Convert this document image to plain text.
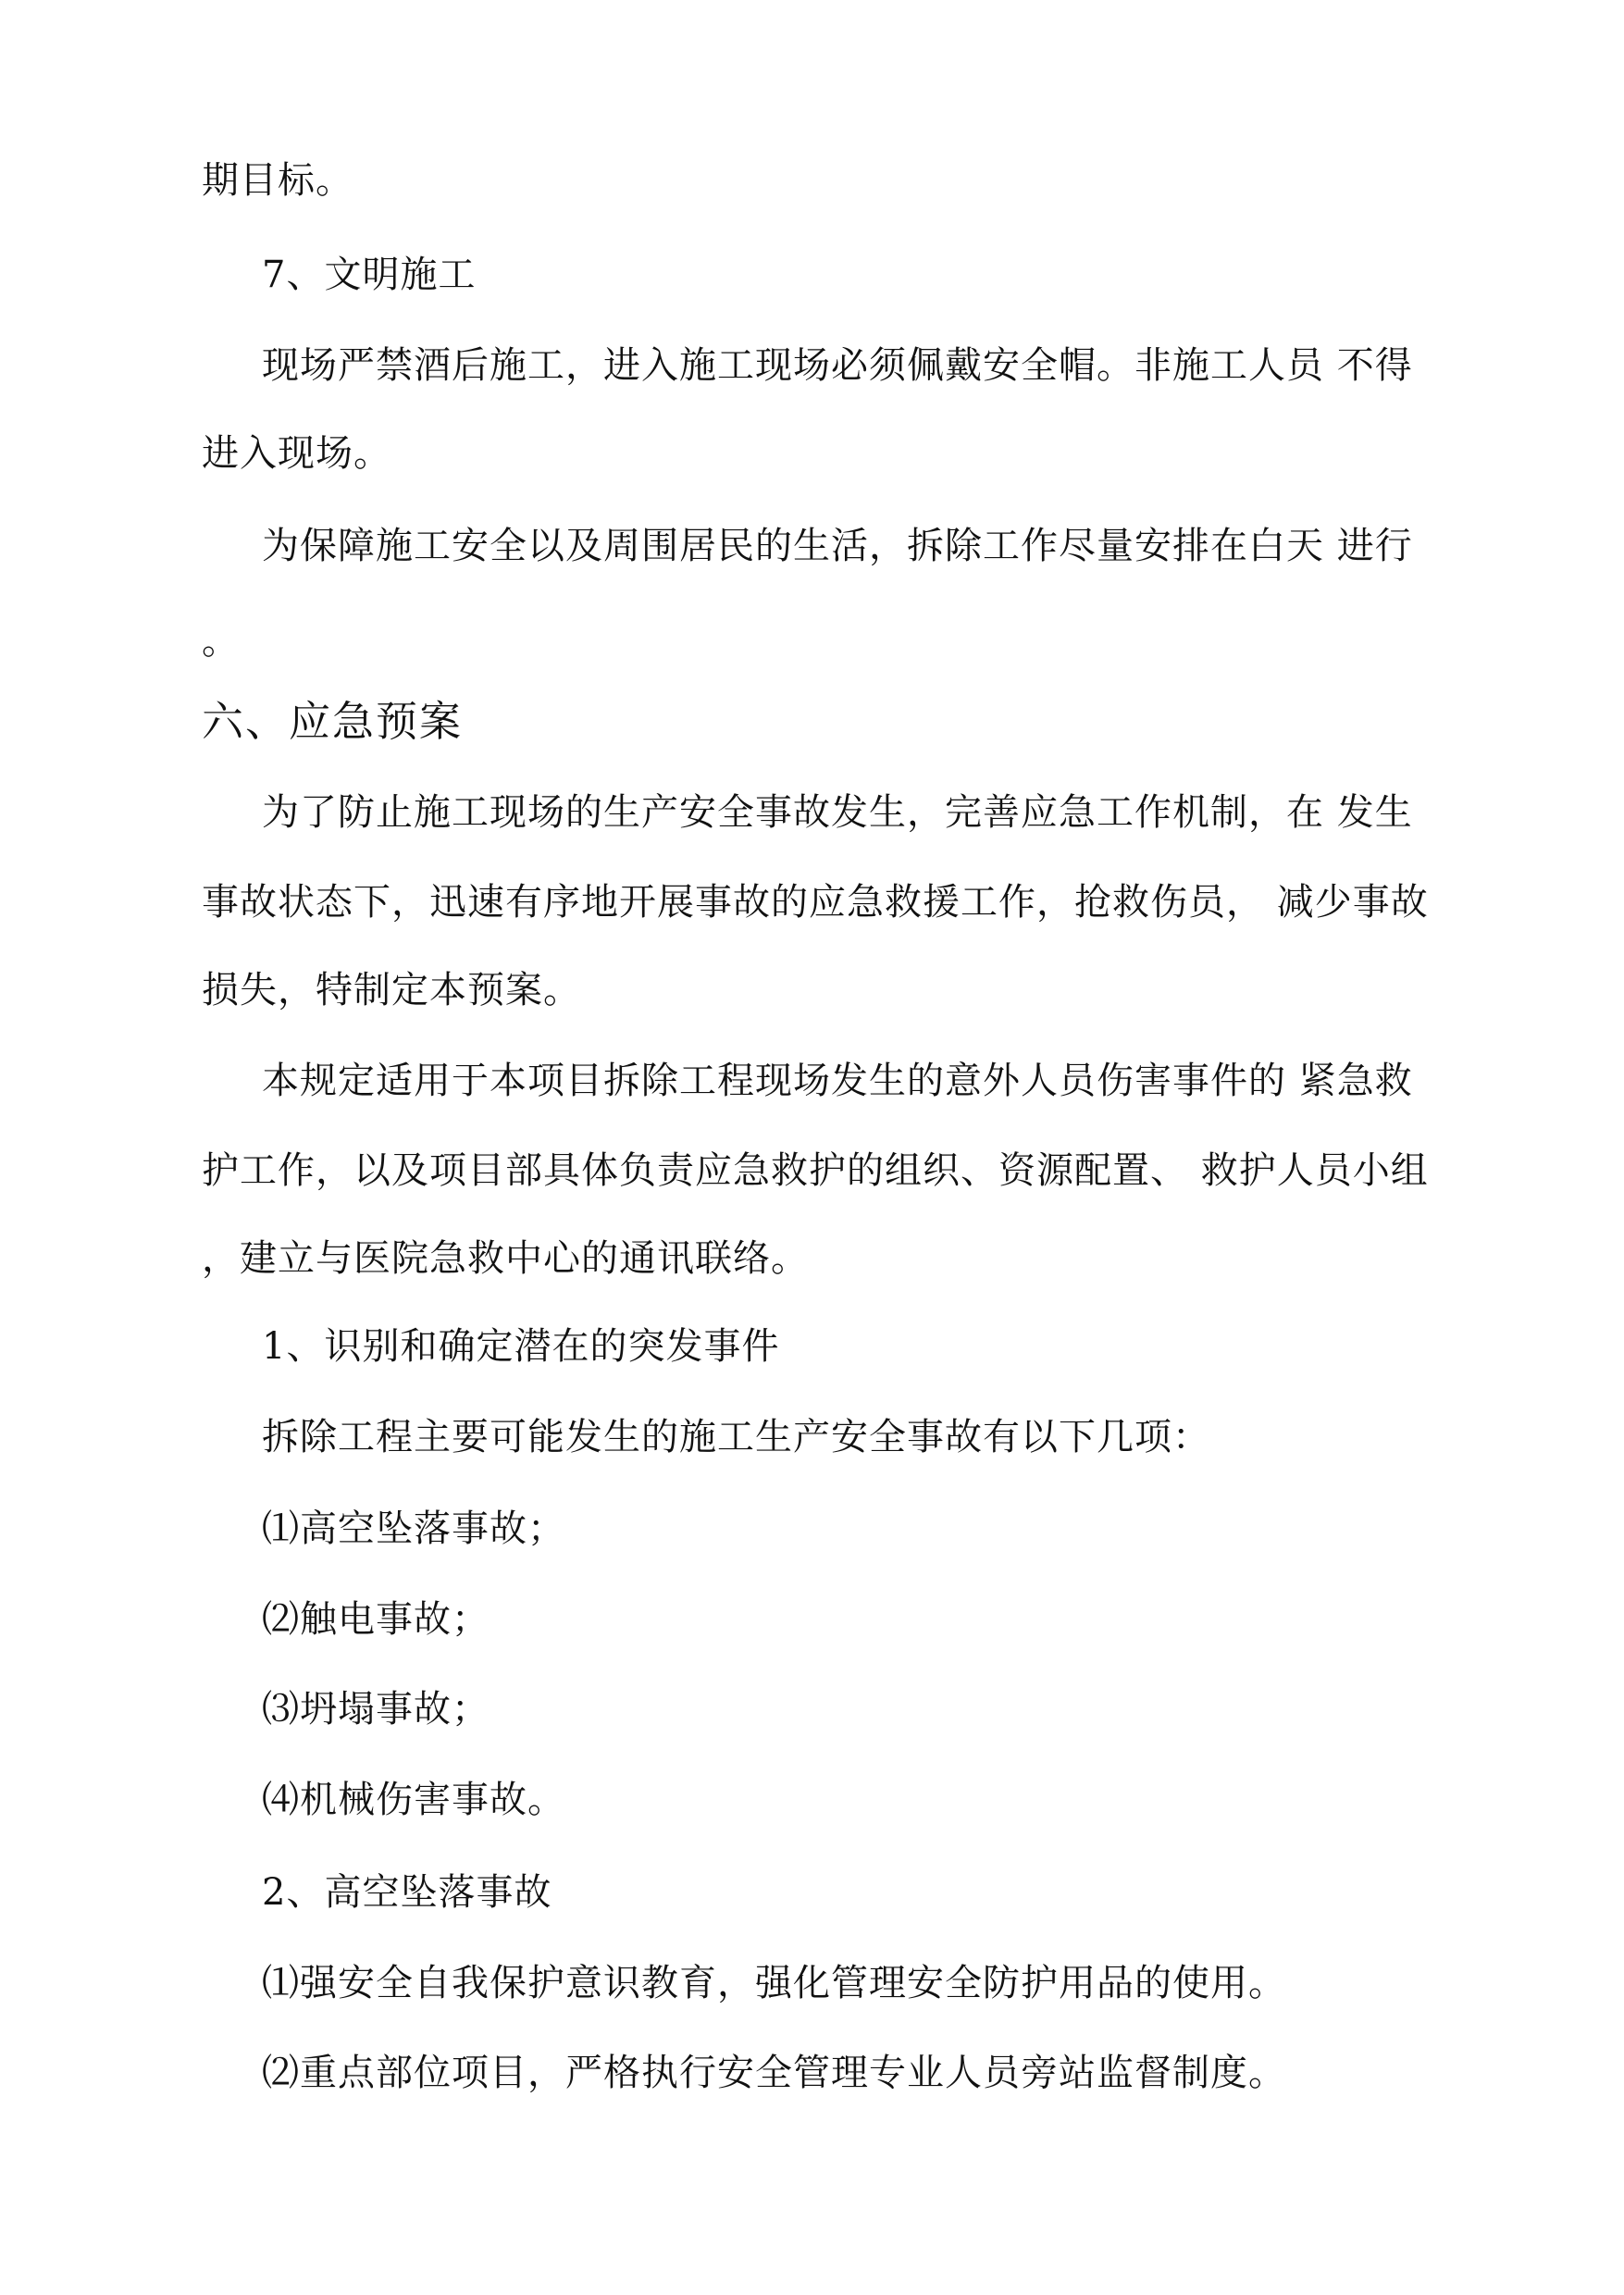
期目标。
7、文明施工
现场严禁酒后施工，进入施工现场必须佩戴安全帽。非施工人员 不得
进入现场。
为保障施工安全以及周围居民的生活，拆除工作尽量安排在白天 进行
。
六、应急预案
为了防止施工现场的生产安全事故发生，完善应急工作机制，在 发生
事故状态下，迅速有序地开展事故的应急救援工作，抢救伤员， 减少事故
损失，特制定本预案。
本规定适用于本项目拆除工程现场发生的意外人员伤害事件的 紧急救
护工作，以及项目部具体负责应急救护的组织、资源配置、 救护人员小组
，建立与医院急救中心的通讯联络。
1、识别和确定潜在的突发事件
拆除工程主要可能发生的施工生产安全事故有以下几项：
⑴高空坠落事故；
⑵触电事故；
⑶坍塌事故；
⑷机械伤害事故。
2、高空坠落事故
⑴强安全自我保护意识教育，强化管理安全防护用品的使用。
⑵重点部位项目，严格执行安全管理专业人员旁站监督制度。
